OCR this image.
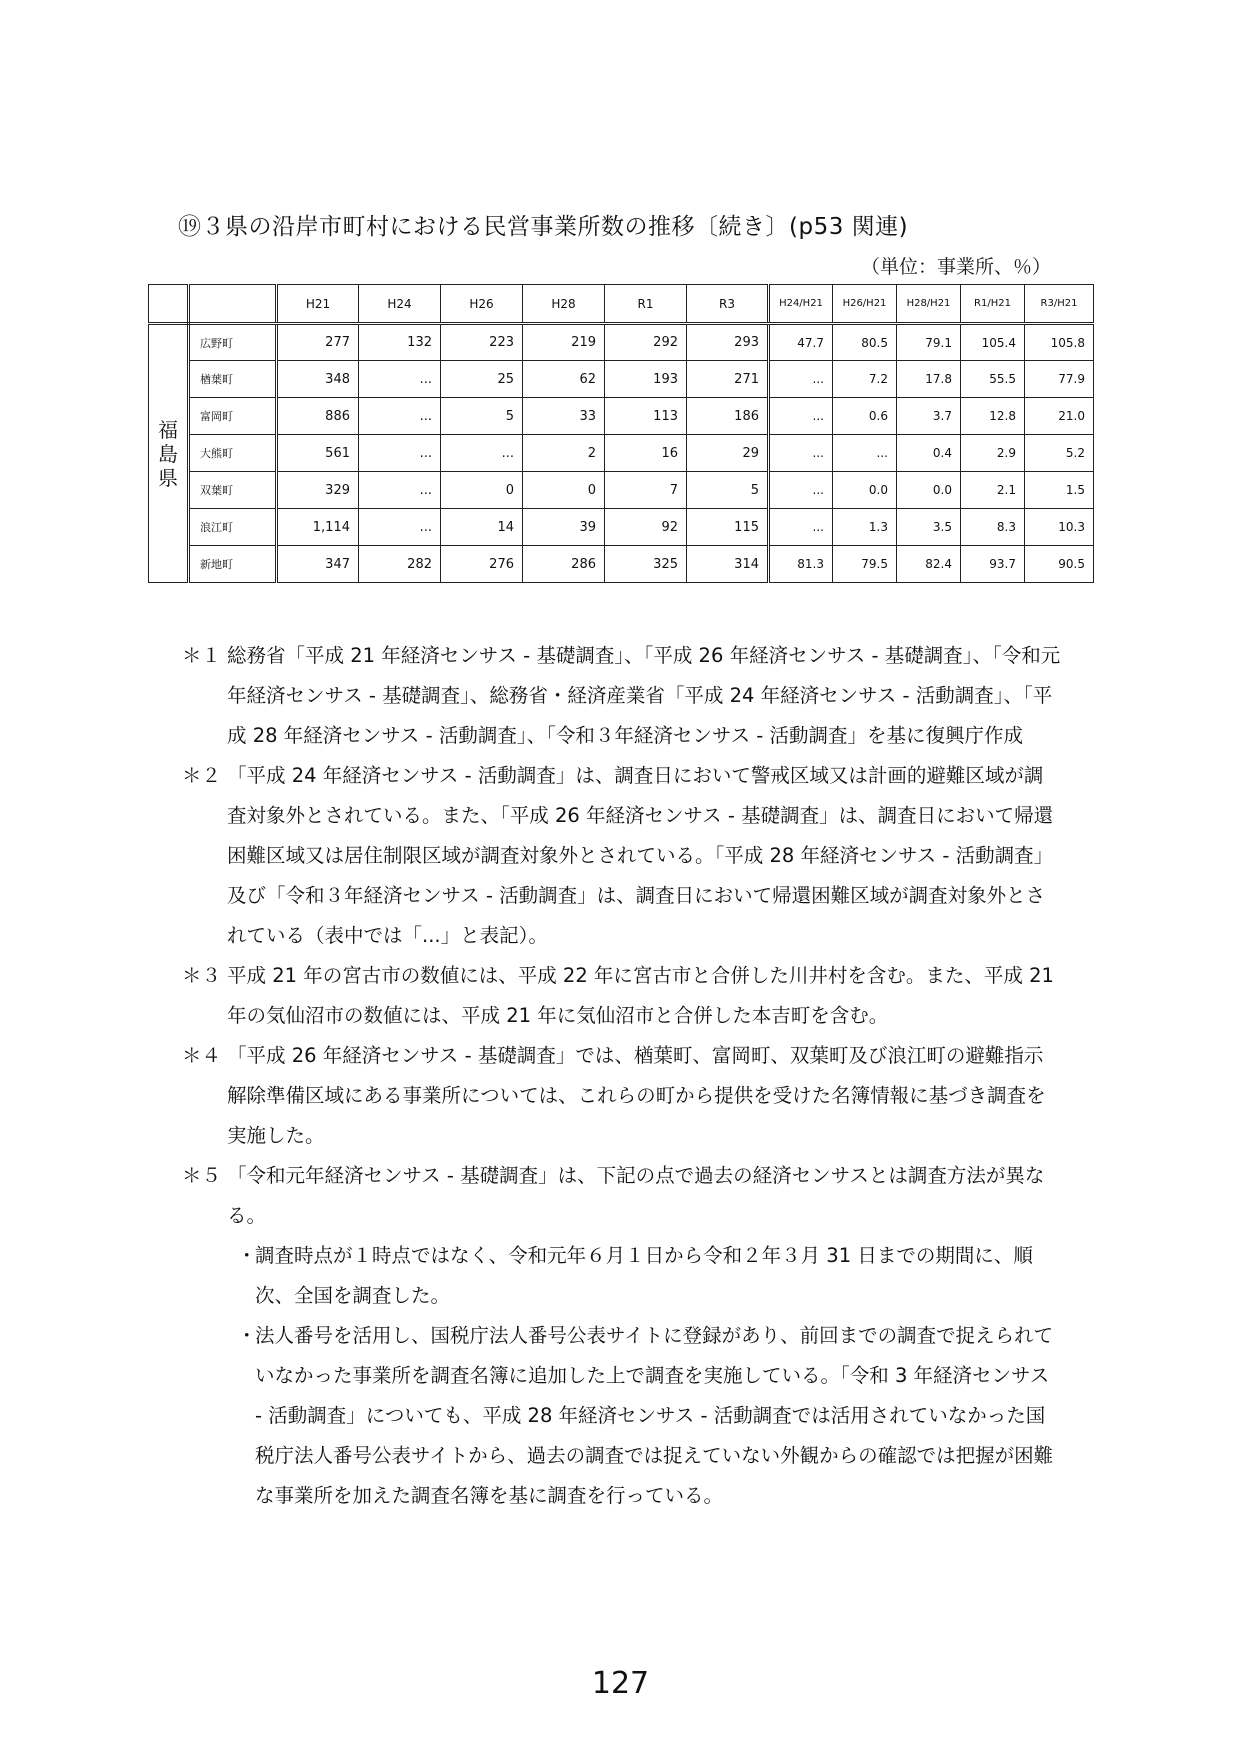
⑲３県の沿岸市町村における民営事業所数の推移〔続き〕(p53 関連)
（単位：事業所、％）
		H21	H24	H26	H28	R1	R3	H24/H21	H26/H21	H28/H21	R1/H21	R3/H21
福島県	広野町	277	132	223	219	292	293	47.7	80.5	79.1	105.4	105.8
	楢葉町	348	...	25	62	193	271	...	7.2	17.8	55.5	77.9
	富岡町	886	...	5	33	113	186	...	0.6	3.7	12.8	21.0
	大熊町	561	...	...	2	16	29	...	...	0.4	2.9	5.2
	双葉町	329	...	0	0	7	5	...	0.0	0.0	2.1	1.5
	浪江町	1,114	...	14	39	92	115	...	1.3	3.5	8.3	10.3
	新地町	347	282	276	286	325	314	81.3	79.5	82.4	93.7	90.5
＊１ 総務省「平成 21 年経済センサス - 基礎調査」、「平成 26 年経済センサス - 基礎調査」、「令和元年経済センサス - 基礎調査」、総務省・経済産業省「平成 24 年経済センサス - 活動調査」、「平成 28 年経済センサス - 活動調査」、「令和３年経済センサス - 活動調査」を基に復興庁作成
＊２ 「平成 24 年経済センサス - 活動調査」は、調査日において警戒区域又は計画的避難区域が調査対象外とされている。また、「平成 26 年経済センサス - 基礎調査」は、調査日において帰還困難区域又は居住制限区域が調査対象外とされている。「平成 28 年経済センサス - 活動調査」及び「令和３年経済センサス - 活動調査」は、調査日において帰還困難区域が調査対象外とされている（表中では「...」と表記）。
＊３ 平成 21 年の宮古市の数値には、平成 22 年に宮古市と合併した川井村を含む。また、平成 21 年の気仙沼市の数値には、平成 21 年に気仙沼市と合併した本吉町を含む。
＊４ 「平成 26 年経済センサス - 基礎調査」では、楢葉町、富岡町、双葉町及び浪江町の避難指示解除準備区域にある事業所については、これらの町から提供を受けた名簿情報に基づき調査を実施した。
＊５ 「令和元年経済センサス - 基礎調査」は、下記の点で過去の経済センサスとは調査方法が異なる。
・
調査時点が１時点ではなく、令和元年６月１日から令和２年３月 31 日までの期間に、順次、全国を調査した。
・
法人番号を活用し、国税庁法人番号公表サイトに登録があり、前回までの調査で捉えられていなかった事業所を調査名簿に追加した上で調査を実施している。「令和 3 年経済センサス - 活動調査」についても、平成 28 年経済センサス - 活動調査では活用されていなかった国税庁法人番号公表サイトから、過去の調査では捉えていない外観からの確認では把握が困難な事業所を加えた調査名簿を基に調査を行っている。
127
